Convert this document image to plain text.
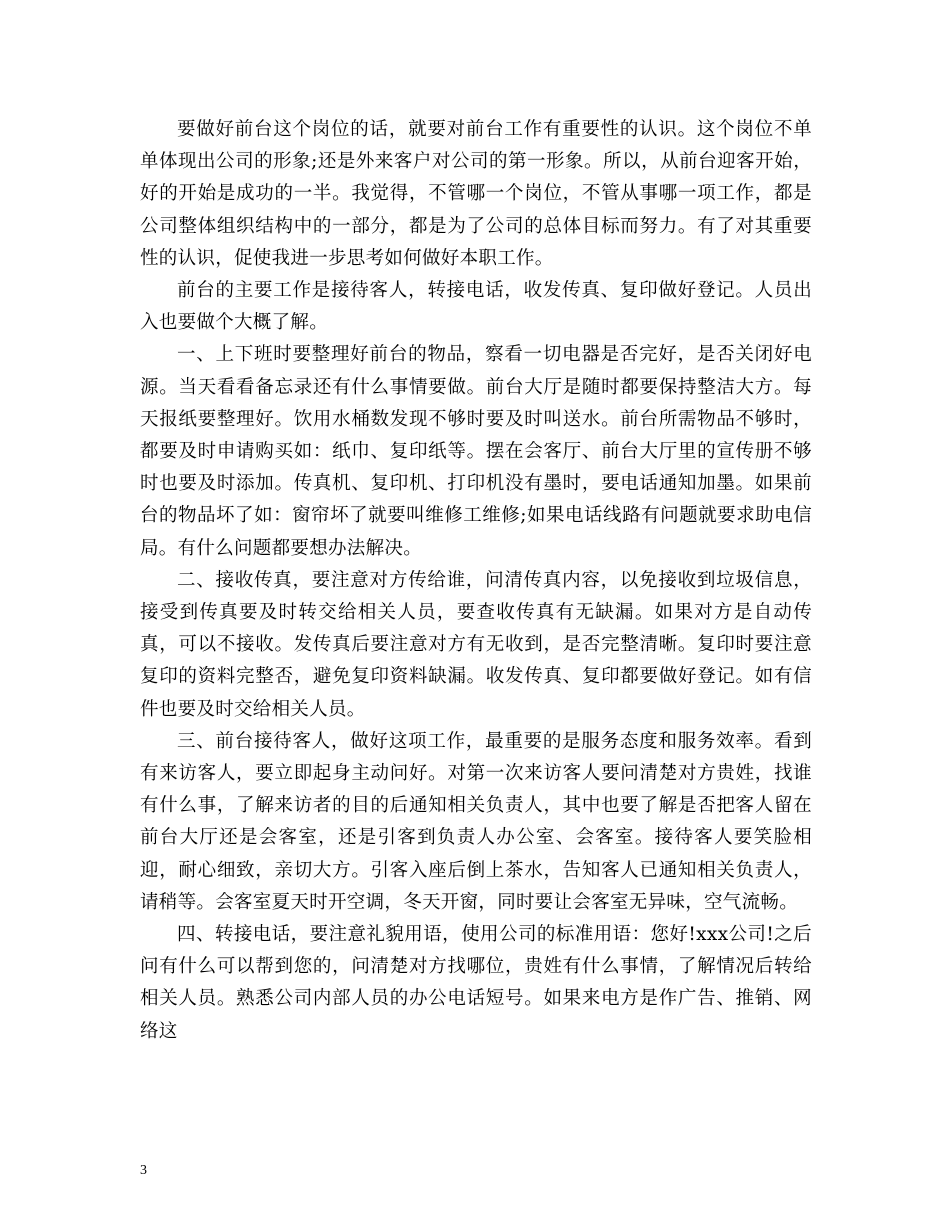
要做好前台这个岗位的话，就要对前台工作有重要性的认识。这个岗位不单单体现出公司的形象;还是外来客户对公司的第一形象。所以，从前台迎客开始，好的开始是成功的一半。我觉得，不管哪一个岗位，不管从事哪一项工作，都是公司整体组织结构中的一部分，都是为了公司的总体目标而努力。有了对其重要性的认识，促使我进一步思考如何做好本职工作。

前台的主要工作是接待客人，转接电话，收发传真、复印做好登记。人员出入也要做个大概了解。

一、上下班时要整理好前台的物品，察看一切电器是否完好，是否关闭好电源。当天看看备忘录还有什么事情要做。前台大厅是随时都要保持整洁大方。每天报纸要整理好。饮用水桶数发现不够时要及时叫送水。前台所需物品不够时，都要及时申请购买如：纸巾、复印纸等。摆在会客厅、前台大厅里的宣传册不够时也要及时添加。传真机、复印机、打印机没有墨时，要电话通知加墨。如果前台的物品坏了如：窗帘坏了就要叫维修工维修;如果电话线路有问题就要求助电信局。有什么问题都要想办法解决。

二、接收传真，要注意对方传给谁，问清传真内容，以免接收到垃圾信息，接受到传真要及时转交给相关人员，要查收传真有无缺漏。如果对方是自动传真，可以不接收。发传真后要注意对方有无收到，是否完整清晰。复印时要注意复印的资料完整否，避免复印资料缺漏。收发传真、复印都要做好登记。如有信件也要及时交给相关人员。

三、前台接待客人，做好这项工作，最重要的是服务态度和服务效率。看到有来访客人，要立即起身主动问好。对第一次来访客人要问清楚对方贵姓，找谁有什么事，了解来访者的目的后通知相关负责人，其中也要了解是否把客人留在前台大厅还是会客室，还是引客到负责人办公室、会客室。接待客人要笑脸相迎，耐心细致，亲切大方。引客入座后倒上茶水，告知客人已通知相关负责人，请稍等。会客室夏天时开空调，冬天开窗，同时要让会客室无异味，空气流畅。

四、转接电话，要注意礼貌用语，使用公司的标准用语：您好!xxx公司!之后问有什么可以帮到您的，问清楚对方找哪位，贵姓有什么事情，了解情况后转给相关人员。熟悉公司内部人员的办公电话短号。如果来电方是作广告、推销、网络这

3
